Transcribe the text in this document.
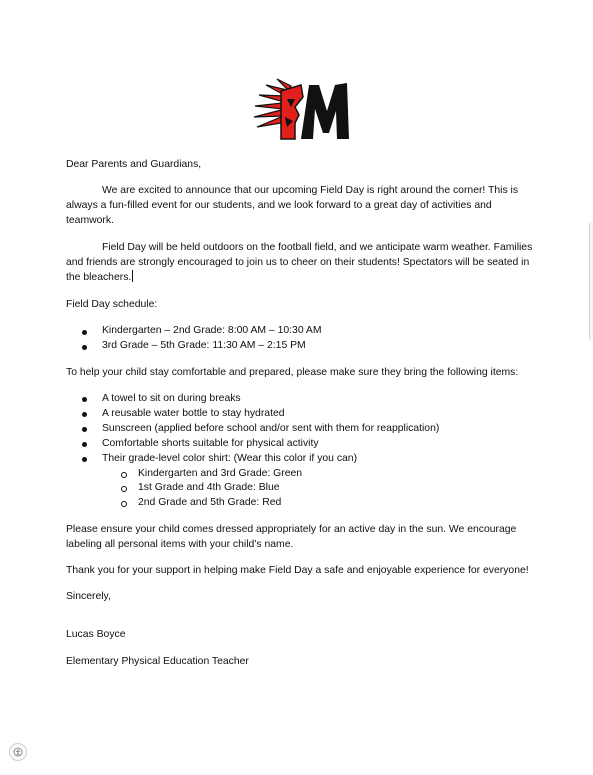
Dear Parents and Guardians,

We are excited to announce that our upcoming Field Day is right around the corner! This is always a fun-filled event for our students, and we look forward to a great day of activities and teamwork.

Field Day will be held outdoors on the football field, and we anticipate warm weather. Families and friends are strongly encouraged to join us to cheer on their students! Spectators will be seated in the bleachers.

Field Day schedule:

Kindergarten – 2nd Grade: 8:00 AM – 10:30 AM
3rd Grade – 5th Grade: 11:30 AM – 2:15 PM

To help your child stay comfortable and prepared, please make sure they bring the following items:

A towel to sit on during breaks
A reusable water bottle to stay hydrated
Sunscreen (applied before school and/or sent with them for reapplication)
Comfortable shorts suitable for physical activity
Their grade-level color shirt: (Wear this color if you can)
Kindergarten and 3rd Grade: Green
1st Grade and 4th Grade: Blue
2nd Grade and 5th Grade: Red

Please ensure your child comes dressed appropriately for an active day in the sun. We encourage labeling all personal items with your child’s name.

Thank you for your support in helping make Field Day a safe and enjoyable experience for everyone!

Sincerely,

Lucas Boyce

Elementary Physical Education Teacher
